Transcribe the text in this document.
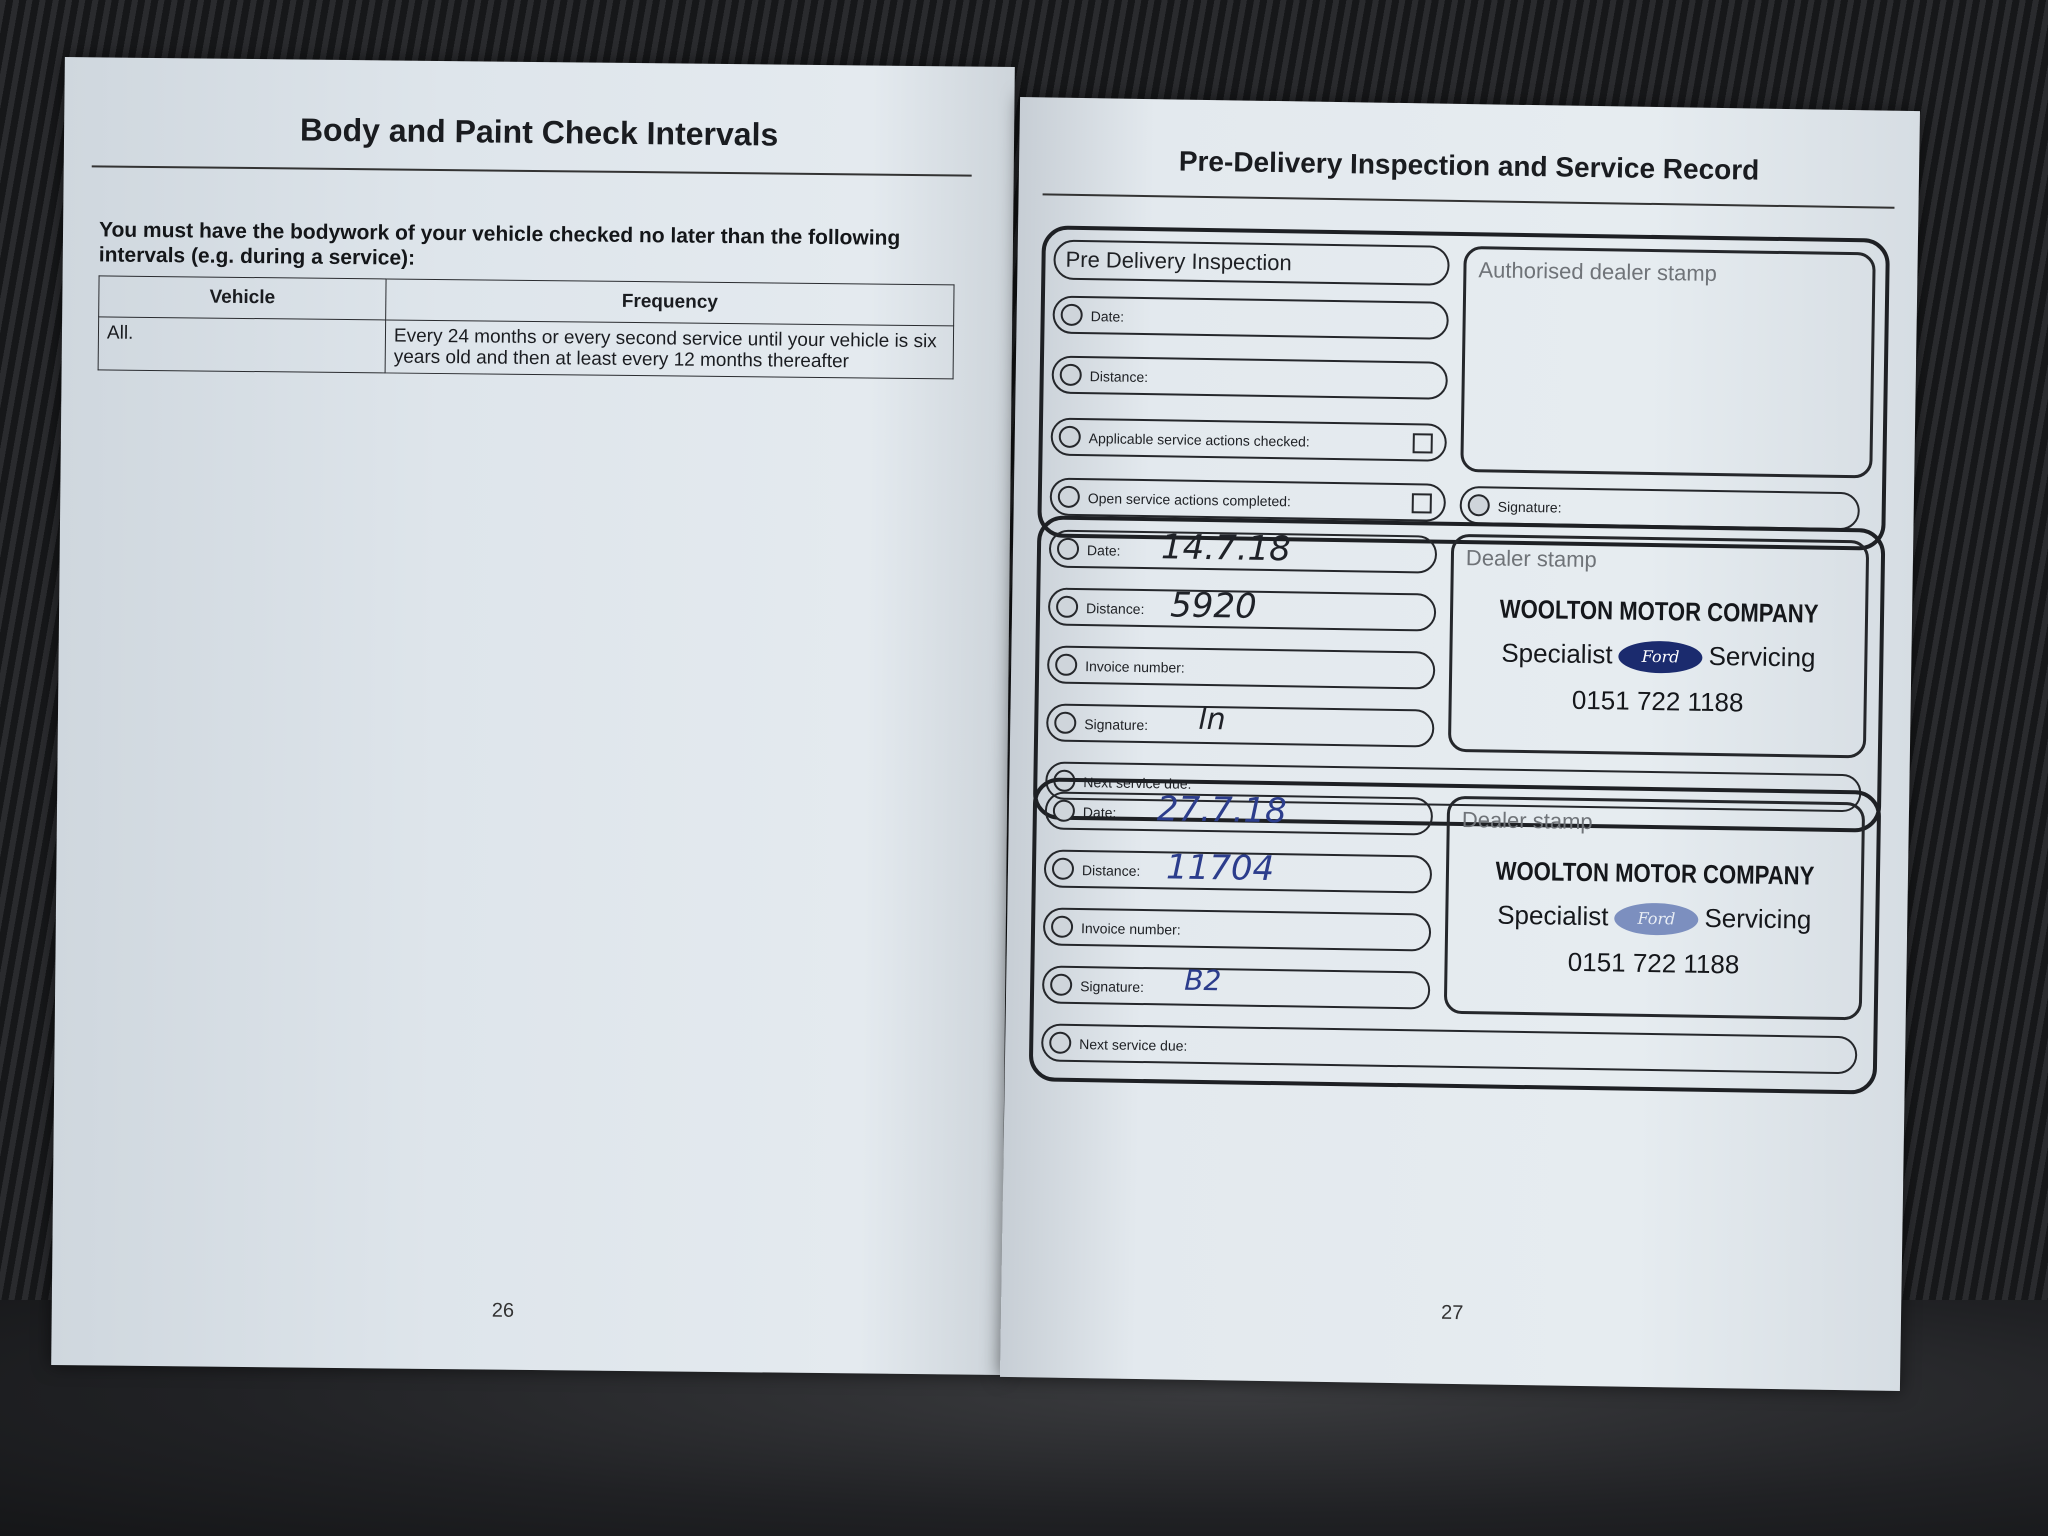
Body and Paint Check Intervals
You must have the bodywork of your vehicle checked no later than the following intervals (e.g. during a service):
Vehicle	Frequency
All.	Every 24 months or every second service until your vehicle is six years old and then at least every 12 months thereafter
26
Pre-Delivery Inspection and Service Record
Pre Delivery Inspection
Date:
Distance:
Applicable service actions checked:
Open service actions completed:
Authorised dealer stamp
Signature:
Date: 14.7.18
Distance: 5920
Invoice number:
Signature: ln
Dealer stamp
WOOLTON MOTOR COMPANY
Specialist Ford Servicing
0151 722 1188
Next service due:
Date: 27.7.18
Distance: 11704
Invoice number:
Signature: B2
Dealer stamp
WOOLTON MOTOR COMPANY
Specialist Ford Servicing
0151 722 1188
Next service due:
27
